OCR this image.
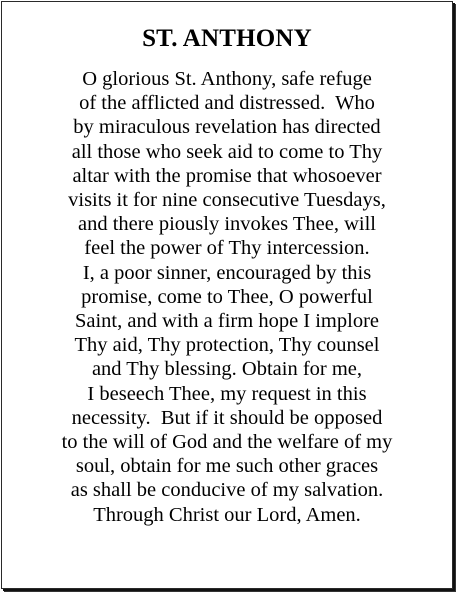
ST. ANTHONY
O glorious St. Anthony, safe refuge
of the afflicted and distressed.  Who
by miraculous revelation has directed
all those who seek aid to come to Thy
altar with the promise that whosoever
visits it for nine consecutive Tuesdays,
and there piously invokes Thee, will
feel the power of Thy intercession.
I, a poor sinner, encouraged by this
promise, come to Thee, O powerful
Saint, and with a firm hope I implore
Thy aid, Thy protection, Thy counsel
and Thy blessing. Obtain for me,
I beseech Thee, my request in this
necessity.  But if it should be opposed
to the will of God and the welfare of my
soul, obtain for me such other graces
as shall be conducive of my salvation.
Through Christ our Lord, Amen.
